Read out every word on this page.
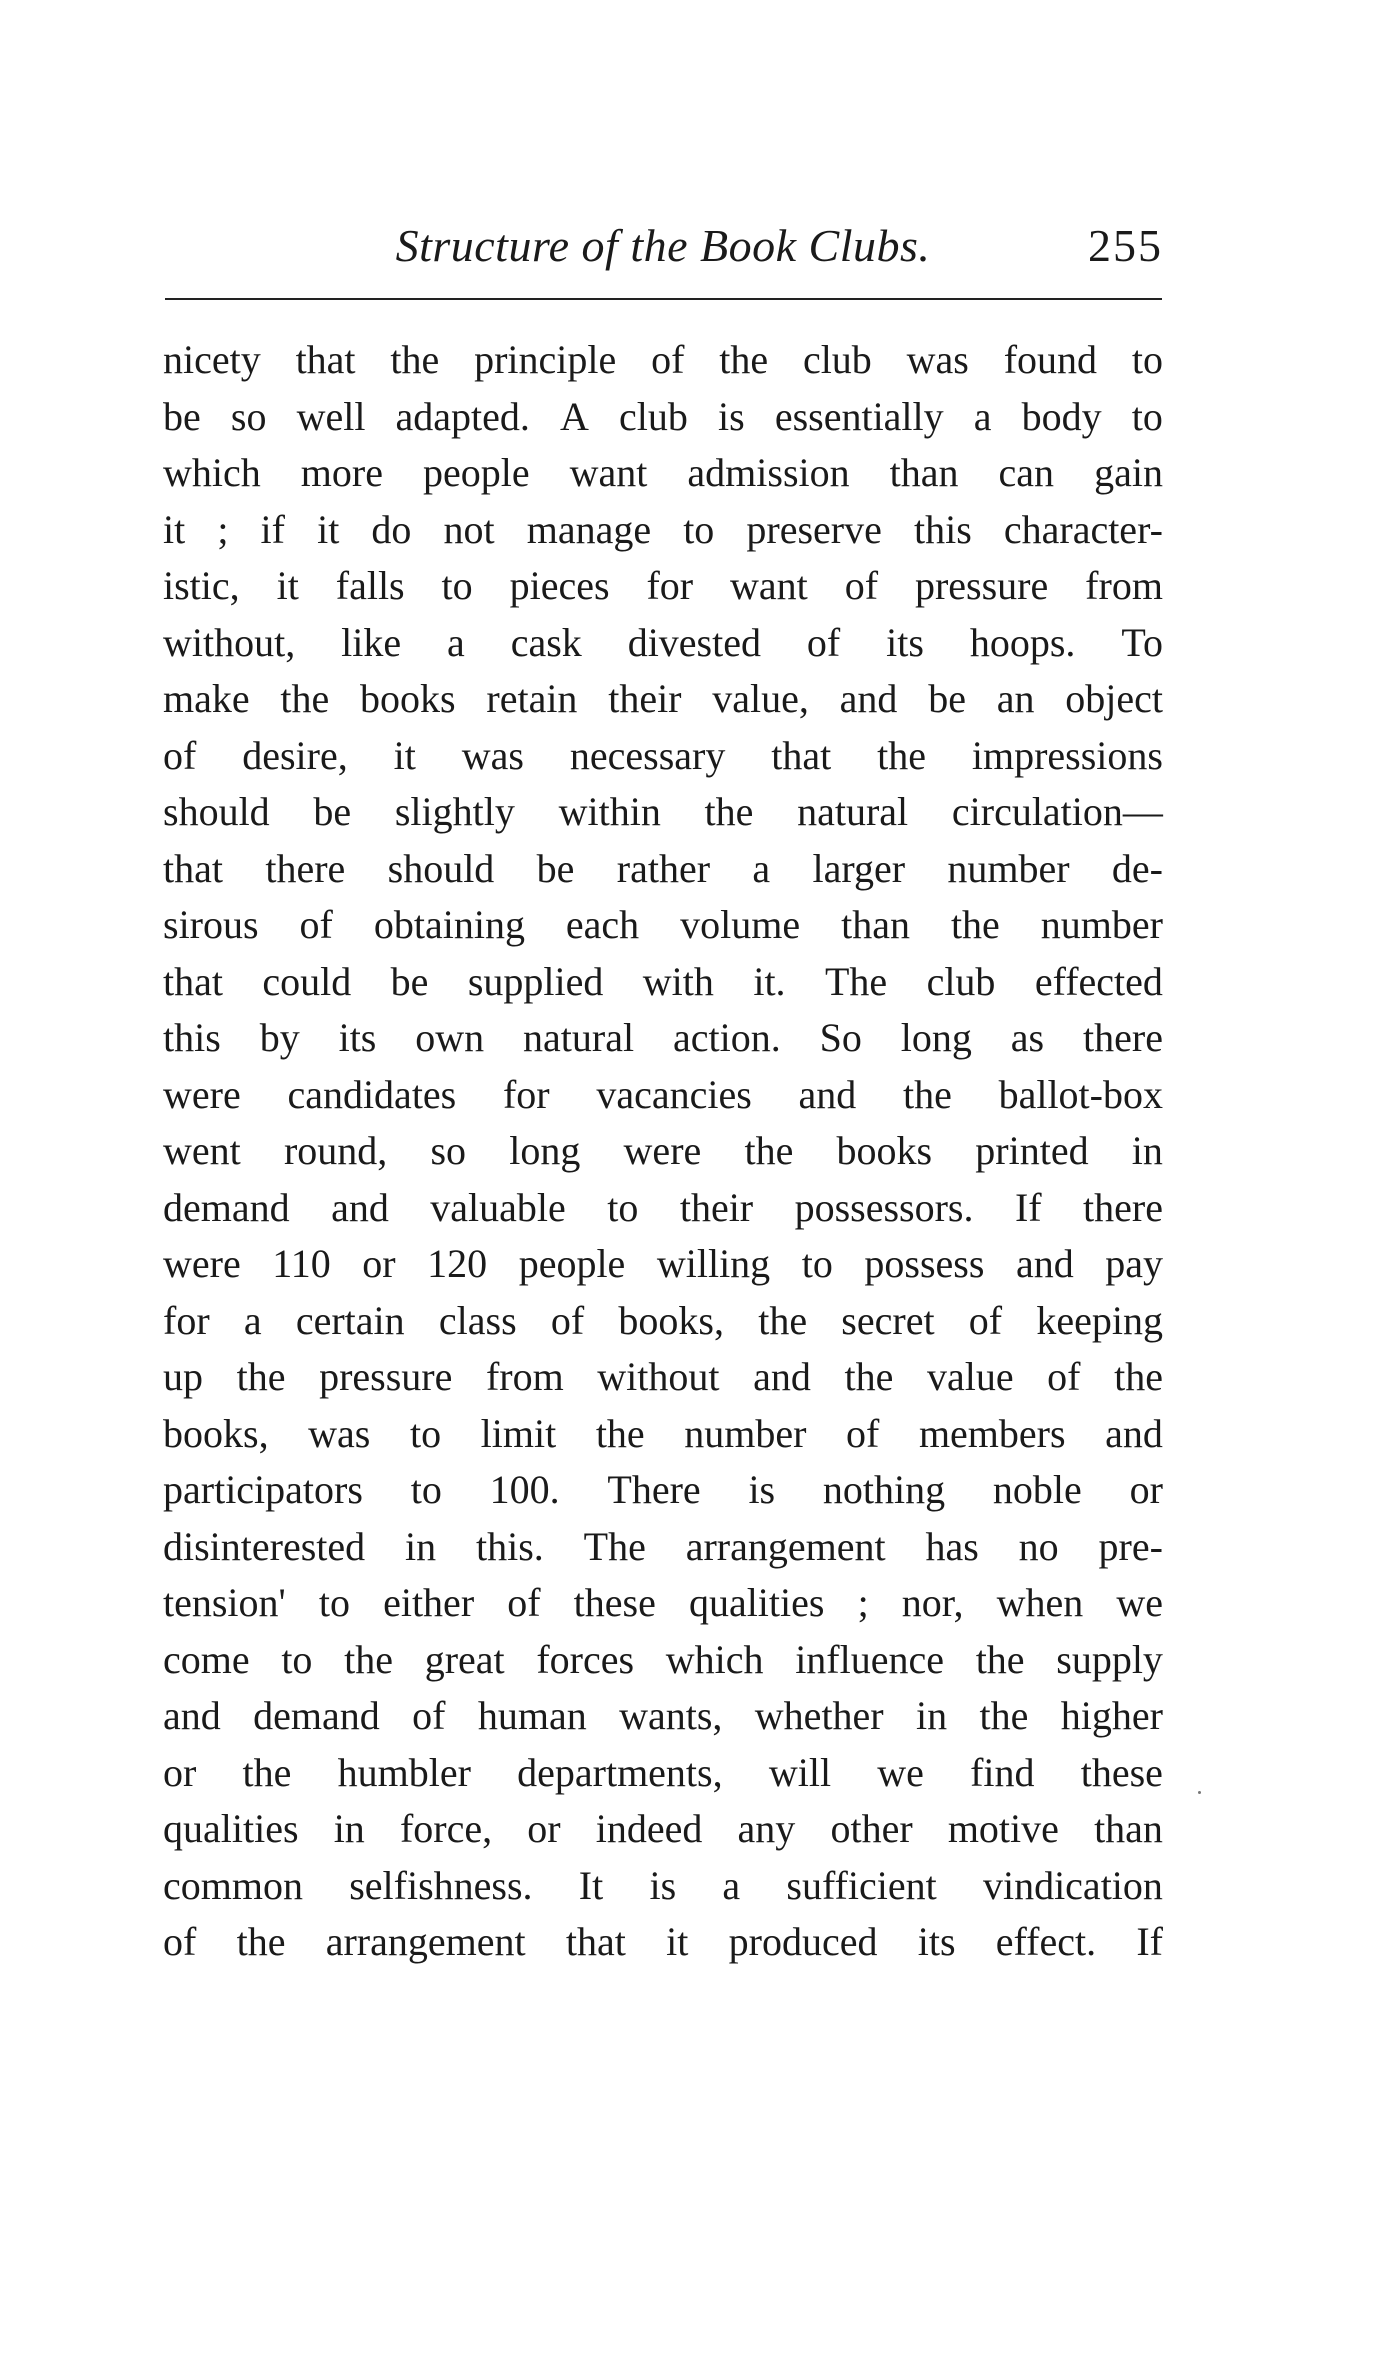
Structure of the Book Clubs.	255
nicety that the principle of the club was found to
be so well adapted. A club is essentially a body to
which more people want admission than can gain
it ; if it do not manage to preserve this character-
istic, it falls to pieces for want of pressure from
without, like a cask divested of its hoops. To
make the books retain their value, and be an object
of desire, it was necessary that the impressions
should be slightly within the natural circulation—
that there should be rather a larger number de-
sirous of obtaining each volume than the number
that could be supplied with it. The club effected
this by its own natural action. So long as there
were candidates for vacancies and the ballot-box
went round, so long were the books printed in
demand and valuable to their possessors. If there
were 110 or 120 people willing to possess and pay
for a certain class of books, the secret of keeping
up the pressure from without and the value of the
books, was to limit the number of members and
participators to 100. There is nothing noble or
disinterested in this. The arrangement has no pre-
tension' to either of these qualities ; nor, when we
come to the great forces which influence the supply
and demand of human wants, whether in the higher
or the humbler departments, will we find these
qualities in force, or indeed any other motive than
common selfishness. It is a sufficient vindication
of the arrangement that it produced its effect. If
